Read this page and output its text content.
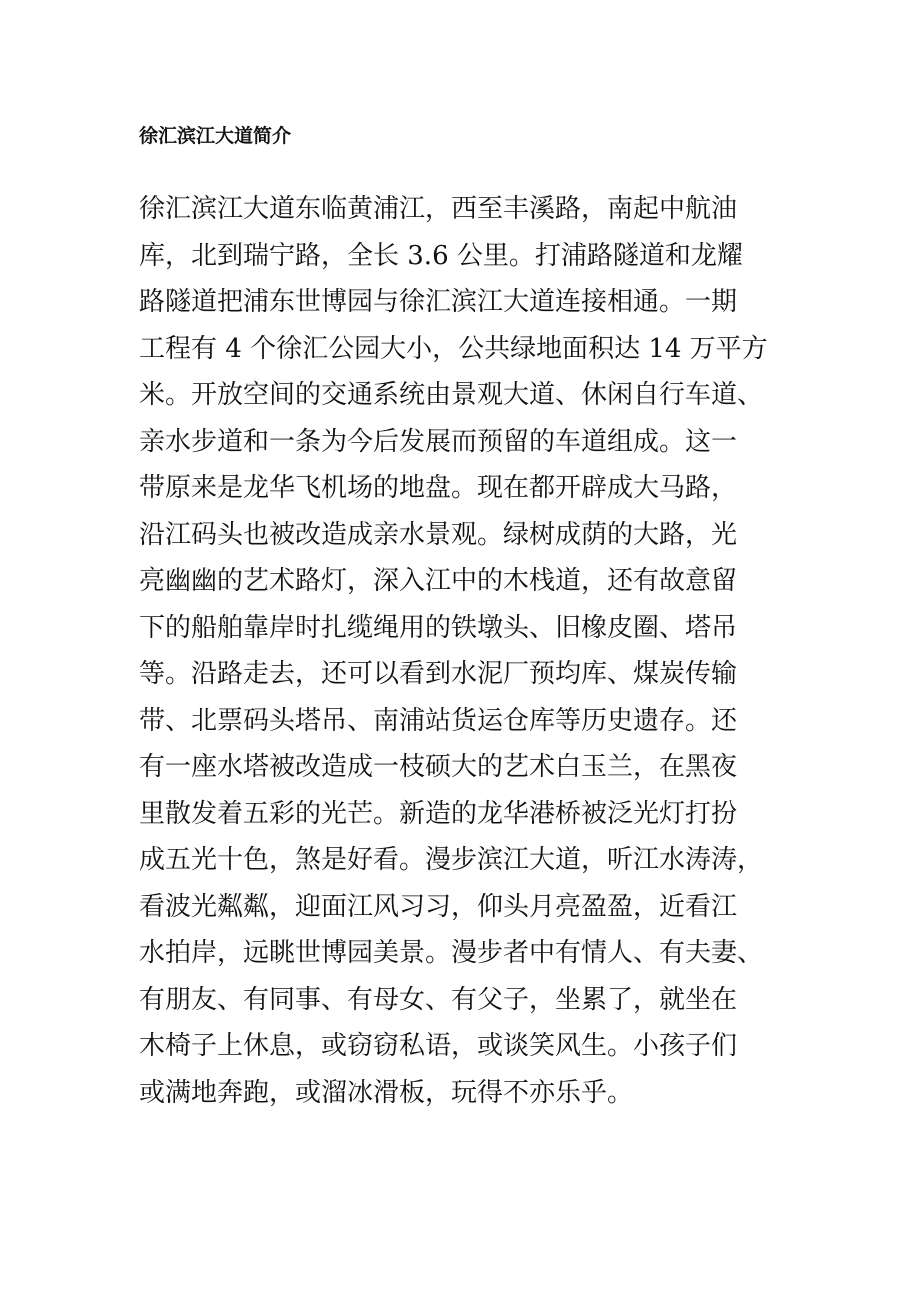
徐汇滨江大道简介
徐汇滨江大道东临黄浦江，西至丰溪路，南起中航油
库，北到瑞宁路，全长 3.6 公里。打浦路隧道和龙耀
路隧道把浦东世博园与徐汇滨江大道连接相通。一期
工程有 4 个徐汇公园大小，公共绿地面积达 14 万平方
米。开放空间的交通系统由景观大道、休闲自行车道、
亲水步道和一条为今后发展而预留的车道组成。这一
带原来是龙华飞机场的地盘。现在都开辟成大马路，
沿江码头也被改造成亲水景观。绿树成荫的大路，光
亮幽幽的艺术路灯，深入江中的木栈道，还有故意留
下的船舶靠岸时扎缆绳用的铁墩头、旧橡皮圈、塔吊
等。沿路走去，还可以看到水泥厂预均库、煤炭传输
带、北票码头塔吊、南浦站货运仓库等历史遗存。还
有一座水塔被改造成一枝硕大的艺术白玉兰，在黑夜
里散发着五彩的光芒。新造的龙华港桥被泛光灯打扮
成五光十色，煞是好看。漫步滨江大道，听江水涛涛，
看波光粼粼，迎面江风习习，仰头月亮盈盈，近看江
水拍岸，远眺世博园美景。漫步者中有情人、有夫妻、
有朋友、有同事、有母女、有父子，坐累了，就坐在
木椅子上休息，或窃窃私语，或谈笑风生。小孩子们
或满地奔跑，或溜冰滑板，玩得不亦乐乎。
